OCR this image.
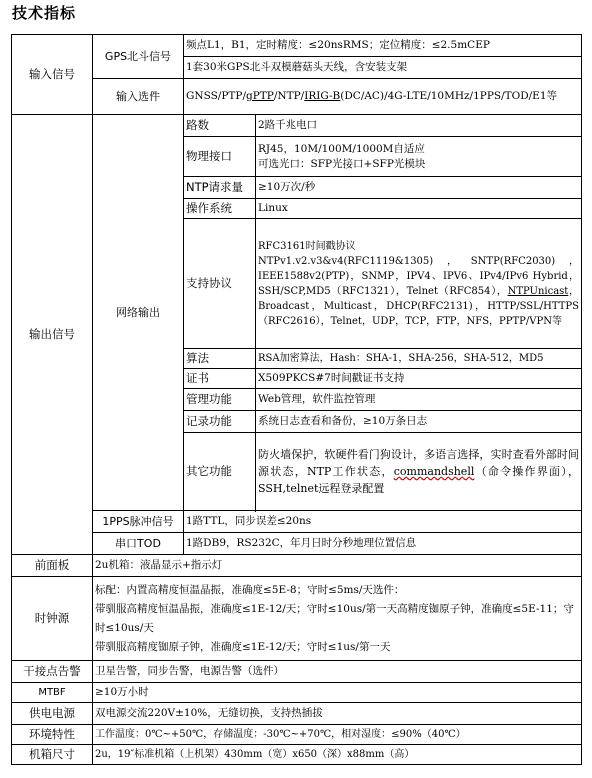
技术指标
输入信号	GPS北斗信号	频点L1，B1，定时精度：≤20nsRMS；定位精度：≤2.5mCEP	
		1套30米GPS北斗双模蘑菇头天线，含安装支架	
	输入选件	GNSS/PTP/gPTP/NTP/IRIG-B(DC/AC)/4G-LTE/10MHz/1PPS/TOD/E1等	
输出信号	网络输出	路数	2路千兆电口
		物理接口	RJ45，10M/100M/1000M自适应
可选光口：SFP光接口+SFP光模块

		NTP请求量	≥10万次/秒
		操作系统	Linux
		支持协议	RFC3161时间戳协议
NTPv1.v2.v3&v4(RFC1119&1305)，SNTP(RFC2030)，IEEE1588v2(PTP)，SNMP，IPV4、IPV6、IPv4/IPv6 Hybrid，SSH/SCP,MD5（RFC1321），Telnet（RFC854），NTPUnicast，Broadcast，Multicast，DHCP(RFC2131)，HTTP/SSL/HTTPS（RFC2616），Telnet，UDP，TCP，FTP，NFS，PPTP/VPN等
		算法	RSA加密算法，Hash：SHA-1，SHA-256，SHA-512，MD5
		证书	X509PKCS#7时间戳证书支持
		管理功能	Web管理，软件监控管理
		记录功能	系统日志查看和备份，≥10万条日志
		其它功能	防火墙保护，软硬件看门狗设计，多语言选择，实时查看外部时间源状态，NTP工作状态，commandshell（命令操作界面），SSH,telnet远程登录配置

	1PPS脉冲信号	1路TTL，同步误差≤20ns	
	串口TOD	1路DB9，RS232C，年月日时分秒地理位置信息	
前面板	2u机箱：液晶显示+指示灯		
时钟源	标配：内置高精度恒温晶振，准确度≤5E-8；守时≤5ms/天选件：
带驯服高精度恒温晶振，准确度≤1E-12/天；守时≤10us/第一天高精度铷原子钟，准确度≤5E-11；守时≤10us/天
带驯服高精度铷原子钟，准确度≤1E-12/天；守时≤1us/第一天		

干接点告警	卫星告警，同步告警，电源告警（选件）		
MTBF	≥10万小时		
供电电源	双电源交流220V±10%，无缝切换，支持热插拔		
环境特性	工作温度：0℃~+50℃，存储温度：-30℃~+70℃，相对湿度：≤90%（40℃）		
机箱尺寸	2u，19″标准机箱（上机架）430mm（宽）x650（深）x88mm（高）		
